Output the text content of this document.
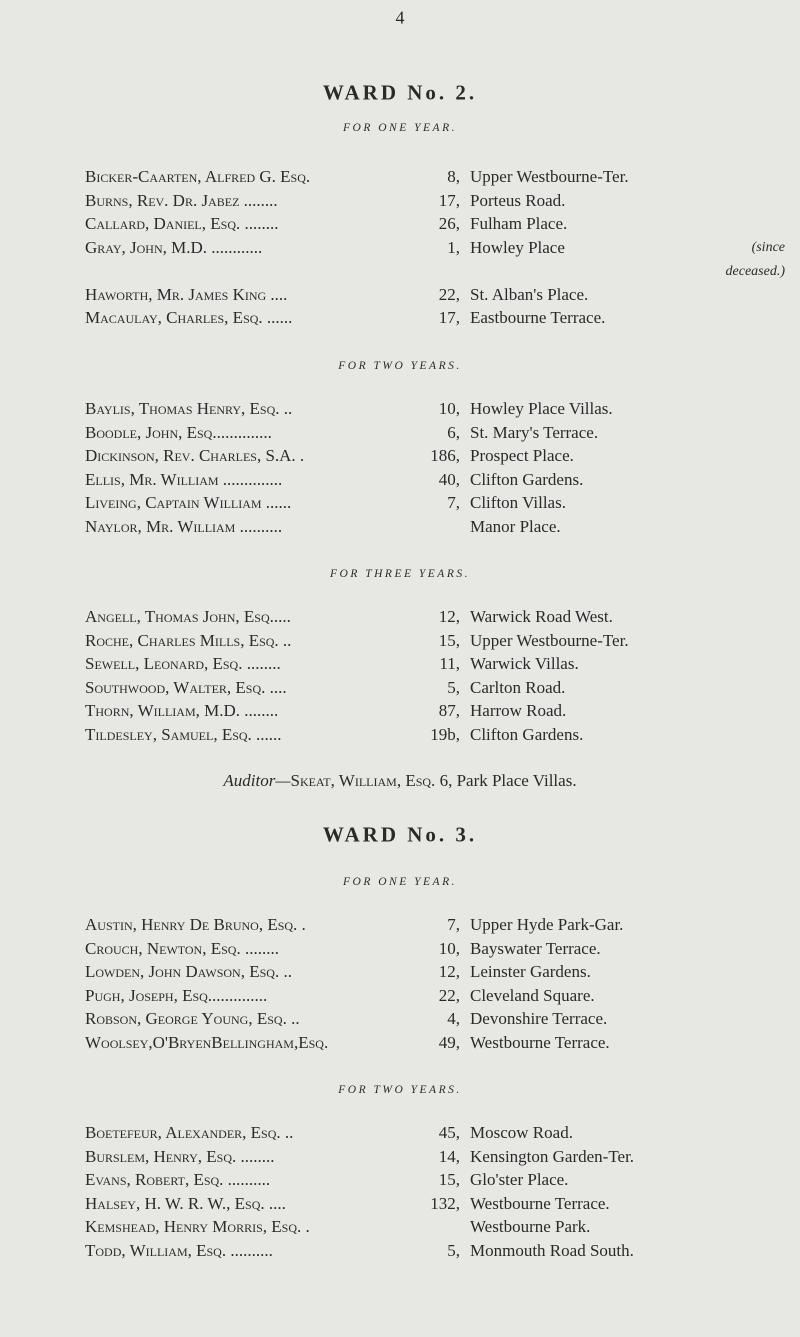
4
WARD No. 2.
FOR ONE YEAR.
Bicker-Caarten, Alfred G. Esq.	8, Upper Westbourne-Ter.
Burns, Rev. Dr. Jabez ........	17, Porteus Road.
Callard, Daniel, Esq. ........	26, Fulham Place.
Gray, John, M.D. ............	1, Howley Place	(since
deceased.)
Haworth, Mr. James King ....	22, St. Alban's Place.
Macaulay, Charles, Esq. ......	17, Eastbourne Terrace.
FOR TWO YEARS.
Baylis, Thomas Henry, Esq. ..	10, Howley Place Villas.
Boodle, John, Esq..............	6, St. Mary's Terrace.
Dickinson, Rev. Charles, S.A. .	186, Prospect Place.
Ellis, Mr. William ..............	40, Clifton Gardens.
Liveing, Captain William ......	7, Clifton Villas.
Naylor, Mr. William ..........	Manor Place.
FOR THREE YEARS.
Angell, Thomas John, Esq.....	12, Warwick Road West.
Roche, Charles Mills, Esq. ..	15, Upper Westbourne-Ter.
Sewell, Leonard, Esq. ........	11, Warwick Villas.
Southwood, Walter, Esq. ....	5, Carlton Road.
Thorn, William, M.D. ........	87, Harrow Road.
Tildesley, Samuel, Esq. ......	19b, Clifton Gardens.
Auditor—Skeat, William, Esq. 6, Park Place Villas.
WARD No. 3.
FOR ONE YEAR.
Austin, Henry De Bruno, Esq. .	7, Upper Hyde Park-Gar.
Crouch, Newton, Esq. ........	10, Bayswater Terrace.
Lowden, John Dawson, Esq. ..	12, Leinster Gardens.
Pugh, Joseph, Esq..............	22, Cleveland Square.
Robson, George Young, Esq. ..	4, Devonshire Terrace.
Woolsey,O'BryenBellingham,Esq.	49, Westbourne Terrace.
FOR TWO YEARS.
Boetefeur, Alexander, Esq. ..	45, Moscow Road.
Burslem, Henry, Esq. ........	14, Kensington Garden-Ter.
Evans, Robert, Esq. ..........	15, Glo'ster Place.
Halsey, H. W. R. W., Esq. ....	132, Westbourne Terrace.
Kemshead, Henry Morris, Esq. .	Westbourne Park.
Todd, William, Esq. ..........	5, Monmouth Road South.
